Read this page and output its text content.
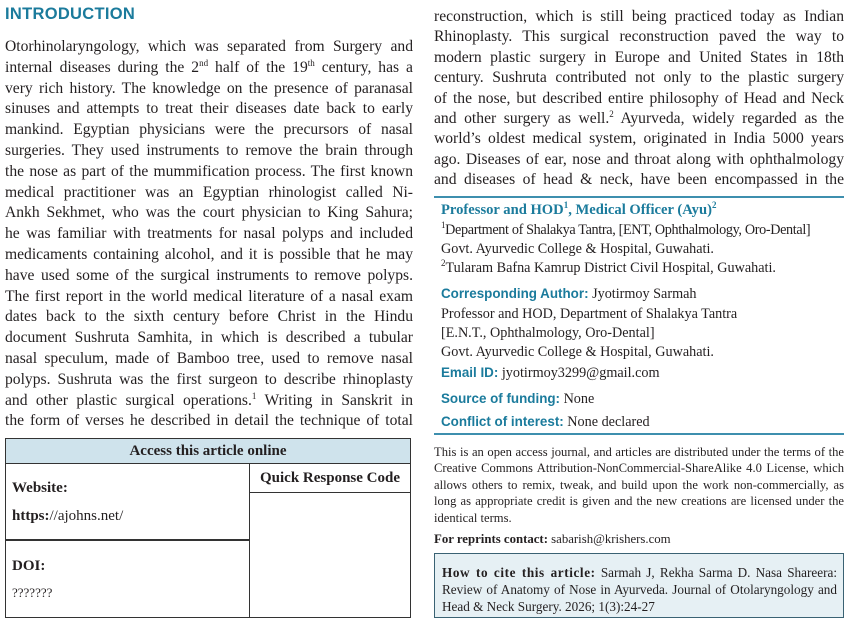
INTRODUCTION
Otorhinolaryngology, which was separated from Surgery and
internal diseases during the 2nd half of the 19th century, has a
very rich history. The knowledge on the presence of paranasal
sinuses and attempts to treat their diseases date back to early
mankind. Egyptian physicians were the precursors of nasal
surgeries. They used instruments to remove the brain through
the nose as part of the mummification process. The first known
medical practitioner was an Egyptian rhinologist called Ni-
Ankh Sekhmet, who was the court physician to King Sahura;
he was familiar with treatments for nasal polyps and included
medicaments containing alcohol, and it is possible that he may
have used some of the surgical instruments to remove polyps.
The first report in the world medical literature of a nasal exam
dates back to the sixth century before Christ in the Hindu
document Sushruta Samhita, in which is described a tubular
nasal speculum, made of Bamboo tree, used to remove nasal
polyps. Sushruta was the first surgeon to describe rhinoplasty
and other plastic surgical operations.$^1$ Writing in Sanskrit in
the form of verses he described in detail the technique of total
reconstruction, which is still being practiced today as Indian
Rhinoplasty. This surgical reconstruction paved the way to
modern plastic surgery in Europe and United States in 18th
century. Sushruta contributed not only to the plastic surgery
of the nose, but described entire philosophy of Head and Neck
and other surgery as well.$^2$ Ayurveda, widely regarded as the
world’s oldest medical system, originated in India 5000 years
ago. Diseases of ear, nose and throat along with ophthalmology
and diseases of head & neck, have been encompassed in the
Professor and HOD$^1$, Medical Officer (Ayu)$^2$
$^1$Department of Shalakya Tantra, [ENT, Ophthalmology, Oro-Dental]
Govt. Ayurvedic College & Hospital, Guwahati.
$^2$Tularam Bafna Kamrup District Civil Hospital, Guwahati.
Corresponding Author: Jyotirmoy Sarmah
Professor and HOD, Department of Shalakya Tantra
[E.N.T., Ophthalmology, Oro-Dental]
Govt. Ayurvedic College & Hospital, Guwahati.
Email ID: jyotirmoy3299@gmail.com
Source of funding: None
Conflict of interest: None declared
Access this article online
Website:
https://ajohns.net/
DOI:
???????
Quick Response Code
This is an open access journal, and articles are distributed under the terms of the Creative Commons Attribution-NonCommercial-ShareAlike 4.0 License, which allows others to remix, tweak, and build upon the work non-commercially, as long as appropriate credit is given and the new creations are licensed under the identical terms.
For reprints contact: sabarish@krishers.com
How to cite this article: Sarmah J, Rekha Sarma D. Nasa Shareera: Review of Anatomy of Nose in Ayurveda. Journal of Otolaryngology and Head & Neck Surgery. 2026; 1(3):24-27
